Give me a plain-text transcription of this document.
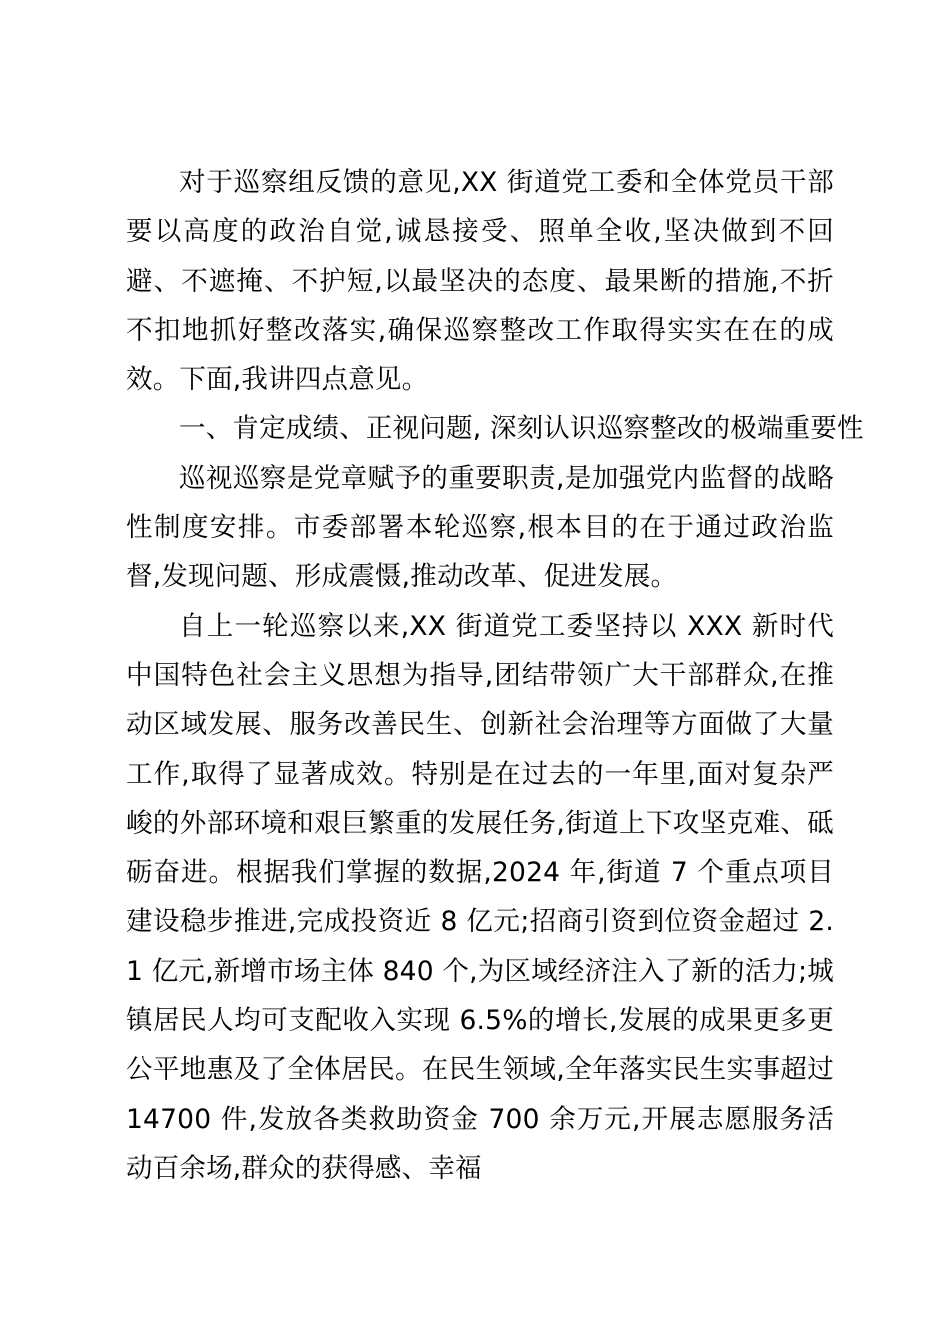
对于巡察组反馈的意见,XX 街道党工委和全体党员干部要以高度的政治自觉,诚恳接受、照单全收,坚决做到不回避、不遮掩、不护短,以最坚决的态度、最果断的措施,不折不扣地抓好整改落实,确保巡察整改工作取得实实在在的成效。下面,我讲四点意见。

一、肯定成绩、正视问题, 深刻认识巡察整改的极端重要性

巡视巡察是党章赋予的重要职责,是加强党内监督的战略性制度安排。市委部署本轮巡察,根本目的在于通过政治监督,发现问题、形成震慑,推动改革、促进发展。

自上一轮巡察以来,XX 街道党工委坚持以 XXX 新时代中国特色社会主义思想为指导,团结带领广大干部群众,在推动区域发展、服务改善民生、创新社会治理等方面做了大量工作,取得了显著成效。特别是在过去的一年里,面对复杂严峻的外部环境和艰巨繁重的发展任务,街道上下攻坚克难、砥砺奋进。根据我们掌握的数据,2024 年,街道 7 个重点项目建设稳步推进,完成投资近 8 亿元;招商引资到位资金超过 2.1 亿元,新增市场主体 840 个,为区域经济注入了新的活力;城镇居民人均可支配收入实现 6.5%的增长,发展的成果更多更公平地惠及了全体居民。在民生领域,全年落实民生实事超过 14700 件,发放各类救助资金 700 余万元,开展志愿服务活动百余场,群众的获得感、幸福
